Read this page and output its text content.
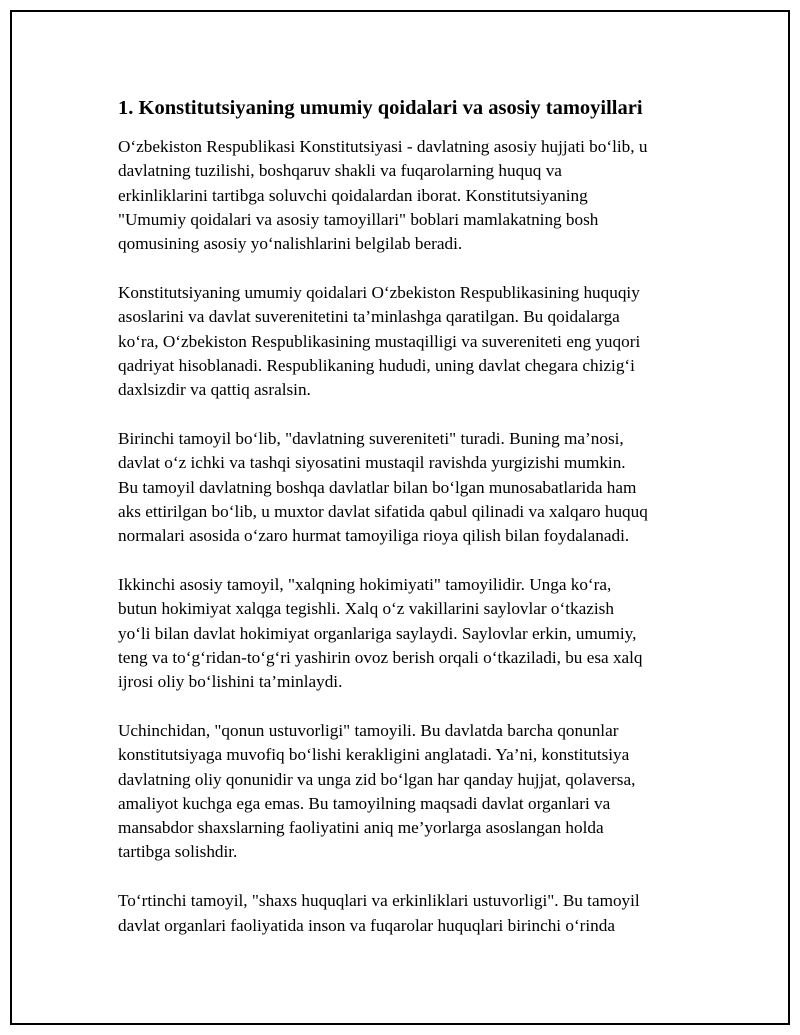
1. Konstitutsiyaning umumiy qoidalari va asosiy tamoyillari

O‘zbekiston Respublikasi Konstitutsiyasi - davlatning asosiy hujjati bo‘lib, u
davlatning tuzilishi, boshqaruv shakli va fuqarolarning huquq va
erkinliklarini tartibga soluvchi qoidalardan iborat. Konstitutsiyaning
"Umumiy qoidalari va asosiy tamoyillari" boblari mamlakatning bosh
qomusining asosiy yo‘nalishlarini belgilab beradi.

Konstitutsiyaning umumiy qoidalari O‘zbekiston Respublikasining huquqiy
asoslarini va davlat suverenitetini ta’minlashga qaratilgan. Bu qoidalarga
ko‘ra, O‘zbekiston Respublikasining mustaqilligi va suvereniteti eng yuqori
qadriyat hisoblanadi. Respublikaning hududi, uning davlat chegara chizig‘i
daxlsizdir va qattiq asralsin.

Birinchi tamoyil bo‘lib, "davlatning suvereniteti" turadi. Buning ma’nosi,
davlat o‘z ichki va tashqi siyosatini mustaqil ravishda yurgizishi mumkin.
Bu tamoyil davlatning boshqa davlatlar bilan bo‘lgan munosabatlarida ham
aks ettirilgan bo‘lib, u muxtor davlat sifatida qabul qilinadi va xalqaro huquq
normalari asosida o‘zaro hurmat tamoyiliga rioya qilish bilan foydalanadi.

Ikkinchi asosiy tamoyil, "xalqning hokimiyati" tamoyilidir. Unga ko‘ra,
butun hokimiyat xalqga tegishli. Xalq o‘z vakillarini saylovlar o‘tkazish
yo‘li bilan davlat hokimiyat organlariga saylaydi. Saylovlar erkin, umumiy,
teng va to‘g‘ridan-to‘g‘ri yashirin ovoz berish orqali o‘tkaziladi, bu esa xalq
ijrosi oliy bo‘lishini ta’minlaydi.

Uchinchidan, "qonun ustuvorligi" tamoyili. Bu davlatda barcha qonunlar
konstitutsiyaga muvofiq bo‘lishi kerakligini anglatadi. Ya’ni, konstitutsiya
davlatning oliy qonunidir va unga zid bo‘lgan har qanday hujjat, qolaversa,
amaliyot kuchga ega emas. Bu tamoyilning maqsadi davlat organlari va
mansabdor shaxslarning faoliyatini aniq me’yorlarga asoslangan holda
tartibga solishdir.

To‘rtinchi tamoyil, "shaxs huquqlari va erkinliklari ustuvorligi". Bu tamoyil
davlat organlari faoliyatida inson va fuqarolar huquqlari birinchi o‘rinda
